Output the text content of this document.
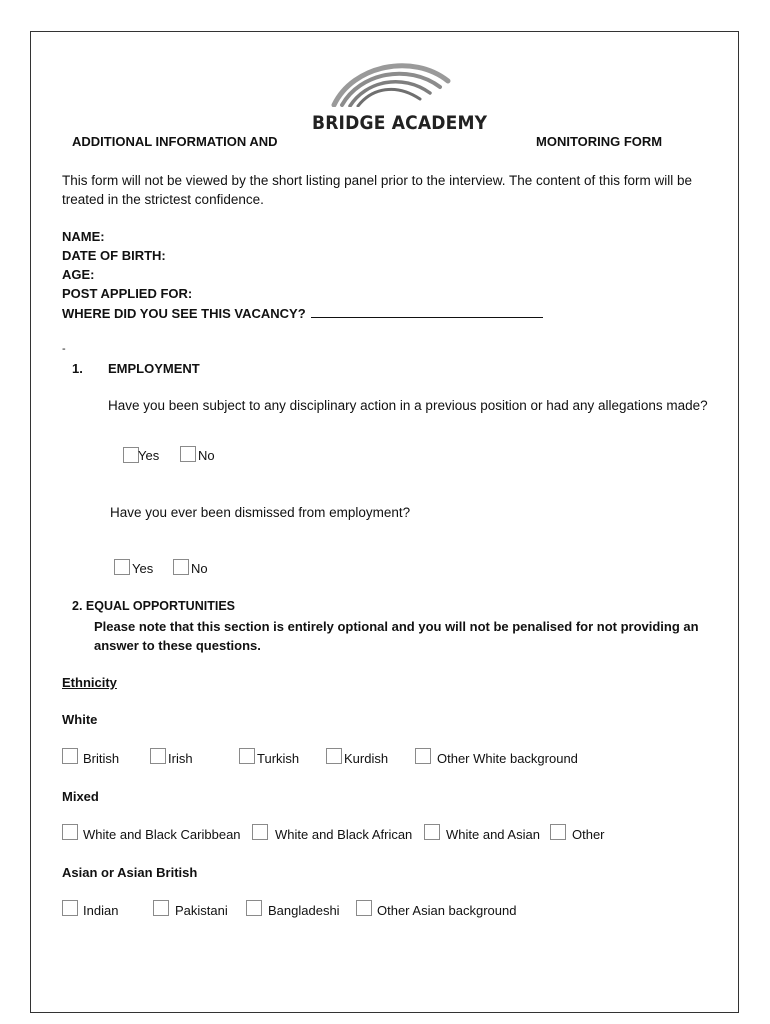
BRIDGE ACADEMY
ADDITIONAL INFORMATION AND	MONITORING FORM
This form will not be viewed by the short listing panel prior to the interview. The content of this form will be treated in the strictest confidence.
NAME:
DATE OF BIRTH:
AGE:
POST APPLIED FOR:
WHERE DID YOU SEE THIS VACANCY?
-
1. EMPLOYMENT
Have you been subject to any disciplinary action in a previous position or had any allegations made?
Yes	No
Have you ever been dismissed from employment?
Yes	No
2. EQUAL OPPORTUNITIES
Please note that this section is entirely optional and you will not be penalised for not providing an answer to these questions.
Ethnicity
White
British	Irish	Turkish	Kurdish	Other White background
Mixed
White and Black Caribbean	White and Black African	White and Asian Other
Asian or Asian British
Indian	Pakistani	Bangladeshi	Other Asian background
